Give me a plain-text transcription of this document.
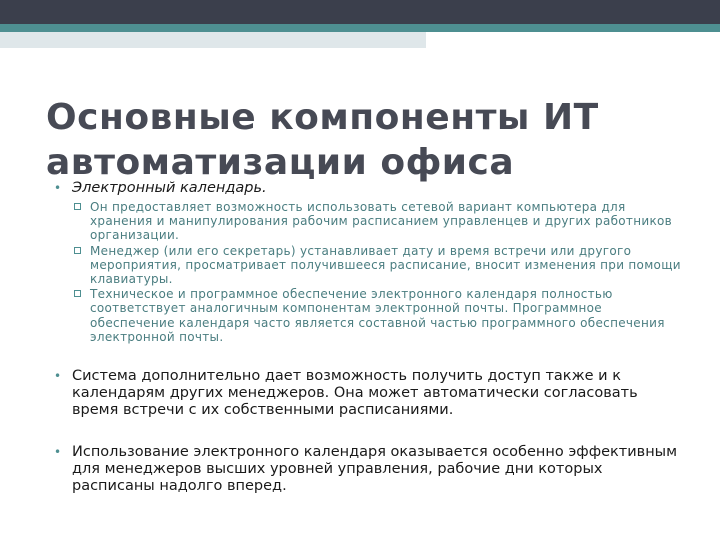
Основные компоненты ИТ автоматизации офиса
• Электронный календарь.
Он предоставляет возможность использовать сетевой вариант компьютера для хранения и манипулирования рабочим расписанием управленцев и других работников организации.
Менеджер (или его секретарь) устанавливает дату и время встречи или другого мероприятия, просматривает получившееся расписание, вносит изменения при помощи клавиатуры.
Техническое и программное обеспечение электронного календаря полностью соответствует аналогичным компонентам электронной почты. Программное обеспечение календаря часто является составной частью программного обеспечения электронной почты.
• Система дополнительно дает возможность получить доступ также и к календарям других менеджеров. Она может автоматически согласовать время встречи с их собственными расписаниями.
• Использование электронного календаря оказывается особенно эффективным для менеджеров высших уровней управления, рабочие дни которых расписаны надолго вперед.
